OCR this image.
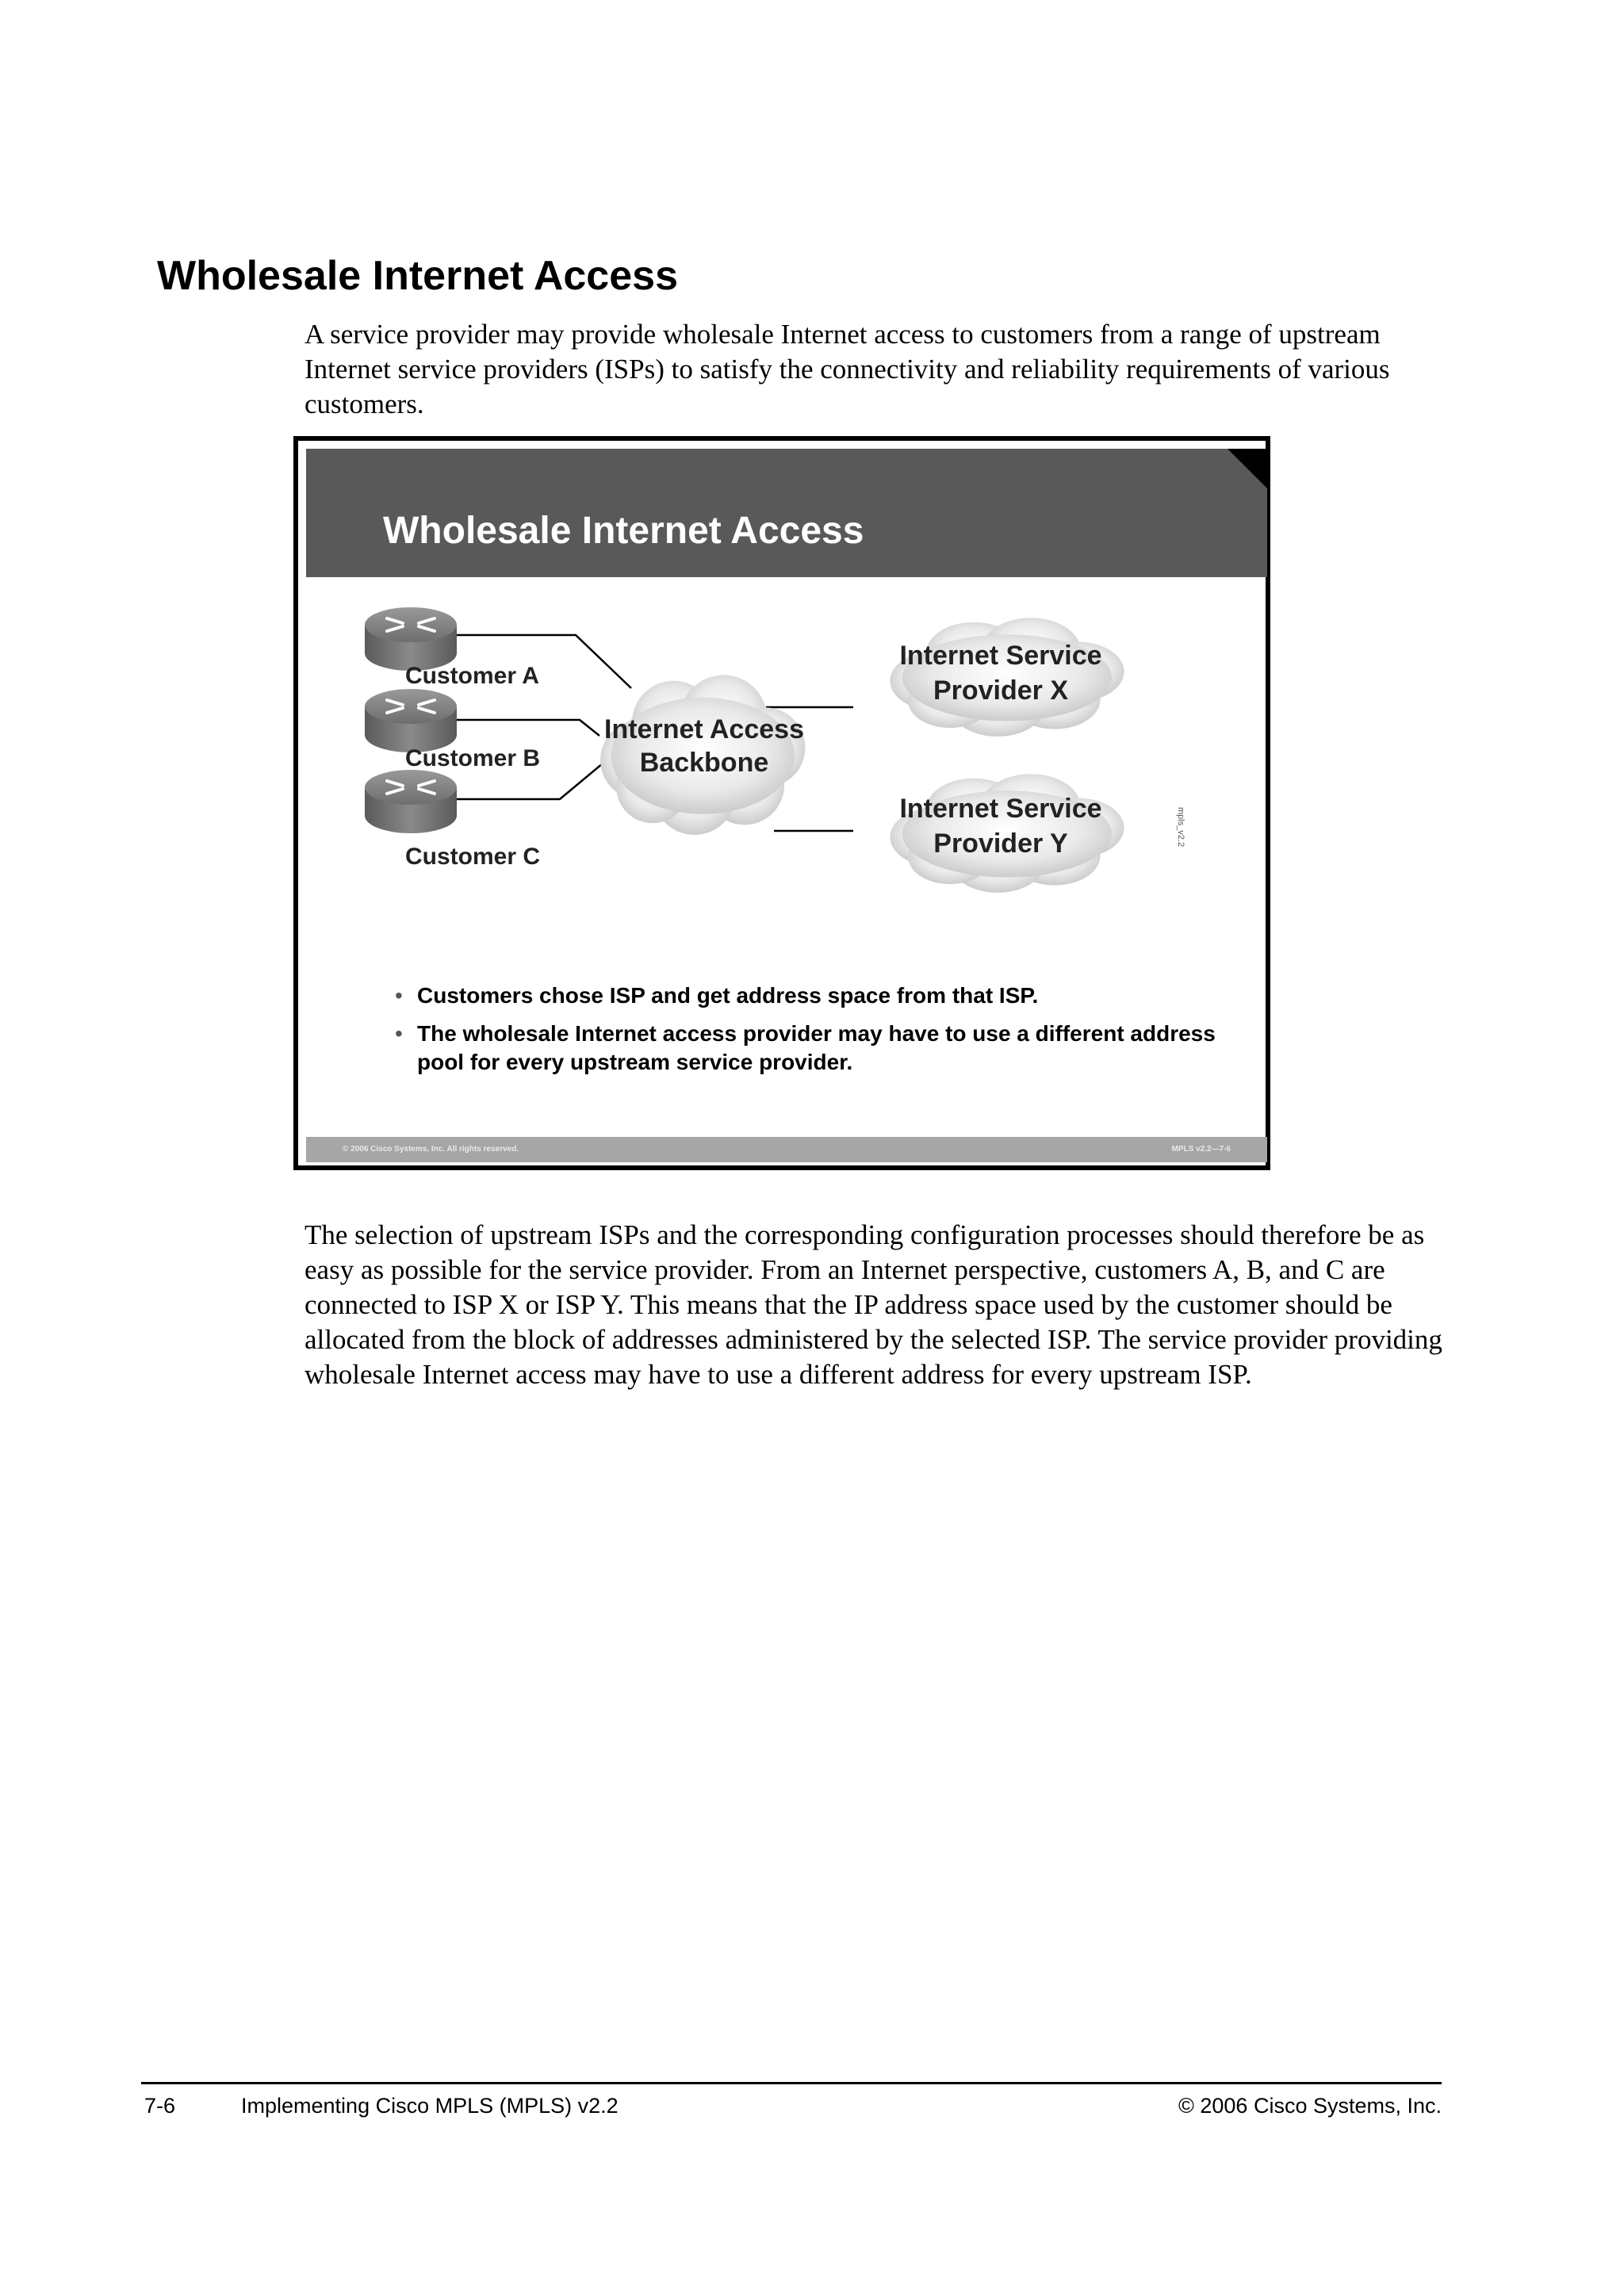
Wholesale Internet Access

A service provider may provide wholesale Internet access to customers from a range of upstream Internet service providers (ISPs) to satisfy the connectivity and reliability requirements of various customers.

Wholesale Internet Access
Customer A
Customer B
Customer C
Internet Access
Backbone
Internet Service
Provider X
Internet Service
Provider Y	mpls_v2.2
• Customers chose ISP and get address space from that ISP.
• The wholesale Internet access provider may have to use a different address pool for every upstream service provider.
© 2006 Cisco Systems, Inc. All rights reserved.	MPLS v2.2—7-6

The selection of upstream ISPs and the corresponding configuration processes should therefore be as easy as possible for the service provider. From an Internet perspective, customers A, B, and C are connected to ISP X or ISP Y. This means that the IP address space used by the customer should be allocated from the block of addresses administered by the selected ISP. The service provider providing wholesale Internet access may have to use a different address for every upstream ISP.

7-6	Implementing Cisco MPLS (MPLS) v2.2	© 2006 Cisco Systems, Inc.
